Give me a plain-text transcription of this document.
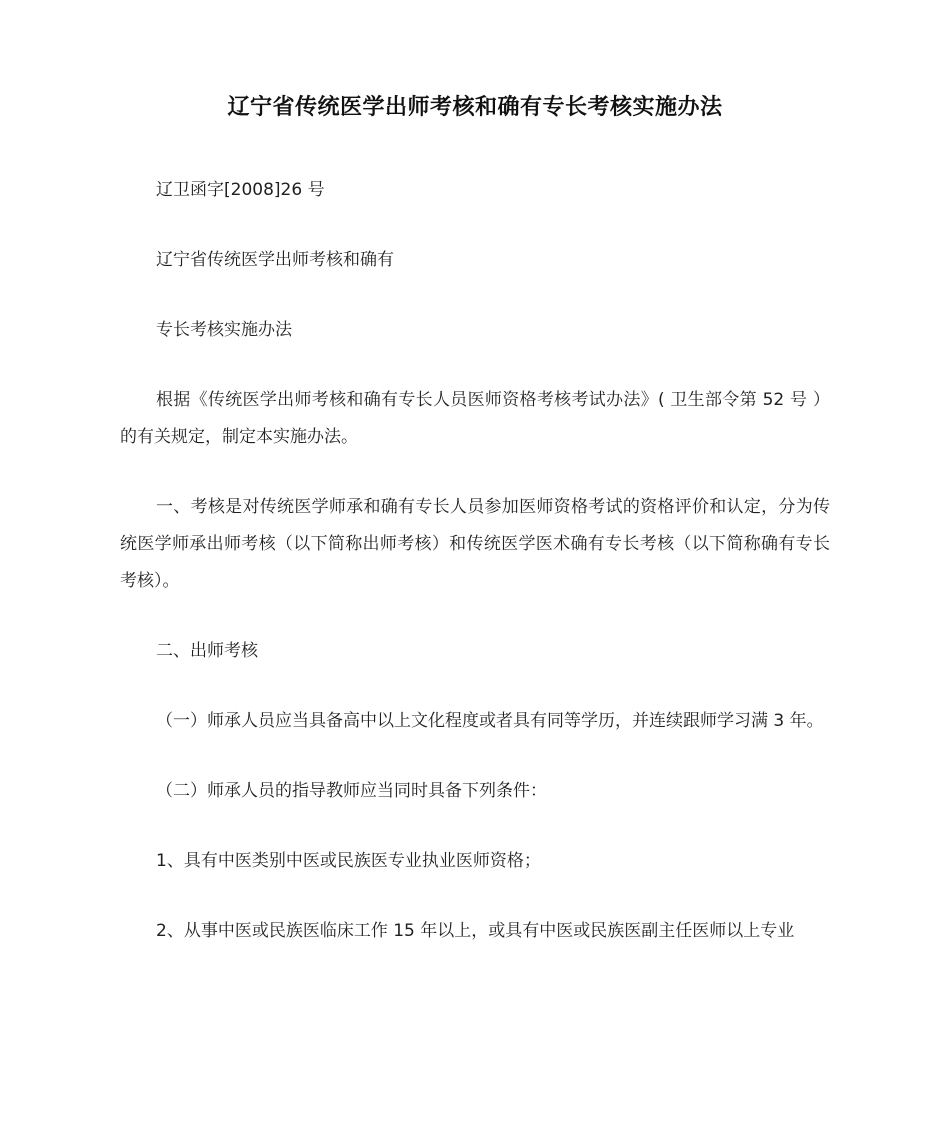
辽宁省传统医学出师考核和确有专长考核实施办法

辽卫函字[2008]26 号

辽宁省传统医学出师考核和确有

专长考核实施办法

根据《传统医学出师考核和确有专长人员医师资格考核考试办法》( 卫生部令第 52 号 ）的有关规定，制定本实施办法。

一、考核是对传统医学师承和确有专长人员参加医师资格考试的资格评价和认定，分为传统医学师承出师考核（以下简称出师考核）和传统医学医术确有专长考核（以下简称确有专长考核）。

二、出师考核

（一）师承人员应当具备高中以上文化程度或者具有同等学历，并连续跟师学习满 3 年。

（二）师承人员的指导教师应当同时具备下列条件：

1、具有中医类别中医或民族医专业执业医师资格；

2、从事中医或民族医临床工作 15 年以上，或具有中医或民族医副主任医师以上专业
